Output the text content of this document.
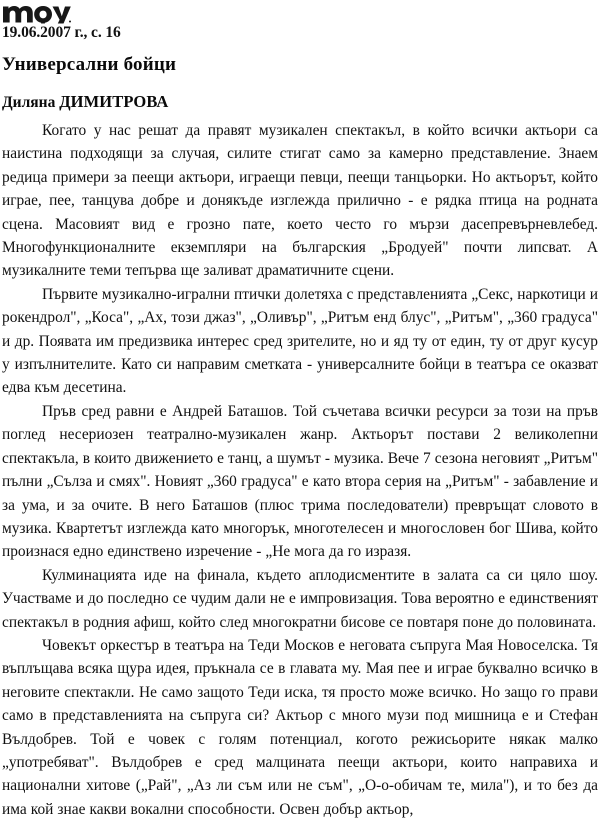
19.06.2007 г., с. 16
Универсални бойци
Диляна ДИМИТРОВА

Когато у нас решат да правят музикален спектакъл, в който всички актьори са наистина подходящи за случая, силите стигат само за камерно представление. Знаем редица примери за пеещи актьори, играещи певци, пеещи танцьорки. Но актьорът, който играе, пее, танцува добре и донякъде изглежда прилично - е рядка птица на родната сцена. Масовият вид е грозно пате, което често го мързи дасепревърневлебед. Многофункционалните екземпляри на българския „Бродуей" почти липсват. А музикалните теми тепърва ще заливат драматичните сцени.

Първите музикално-игрални птички долетяха с представленията „Секс, наркотици и рокендрол", „Коса", „Ах, този джаз", „Оливър", „Ритъм енд блус", „Ритъм", „360 градуса" и др. Появата им предизвика интерес сред зрителите, но и яд ту от един, ту от друг кусур у изпълнителите. Като си направим сметката - универсалните бойци в театъра се оказват едва към десетина.

Пръв сред равни е Андрей Баташов. Той съчетава всички ресурси за този на пръв поглед несериозен театрално-музикален жанр. Актьорът постави 2 великолепни спектакъла, в които движението е танц, а шумът - музика. Вече 7 сезона неговият „Ритъм" пълни „Сълза и смях". Новият „360 градуса" е като втора серия на „Ритъм" - забавление и за ума, и за очите. В него Баташов (плюс трима последователи) превръщат словото в музика. Квартетът изглежда като многорък, многотелесен и многословен бог Шива, който произнася едно единствено изречение - „Не мога да го изразя.

Кулминацията иде на финала, където аплодисментите в залата са си цяло шоу. Участваме и до последно се чудим дали не е импровизация. Това вероятно е единственият спектакъл в родния афиш, който след многократни бисове се повтаря поне до половината.

Човекът оркестър в театъра на Теди Москов е неговата съпруга Мая Новоселска. Тя въплъщава всяка щура идея, пръкнала се в главата му. Мая пее и играе буквално всичко в неговите спектакли. Не само защото Теди иска, тя просто може всичко. Но защо го прави само в представленията на съпруга си? Актьор с много музи под мишница е и Стефан Вълдобрев. Той е човек с голям потенциал, когото режисьорите някак малко „употребяват". Вълдобрев е сред малцината пеещи актьори, които направиха и национални хитове („Рай", „Аз ли съм или не съм", „О-о-обичам те, мила"), и то без да има кой знае какви вокални способности. Освен добър актьор,
